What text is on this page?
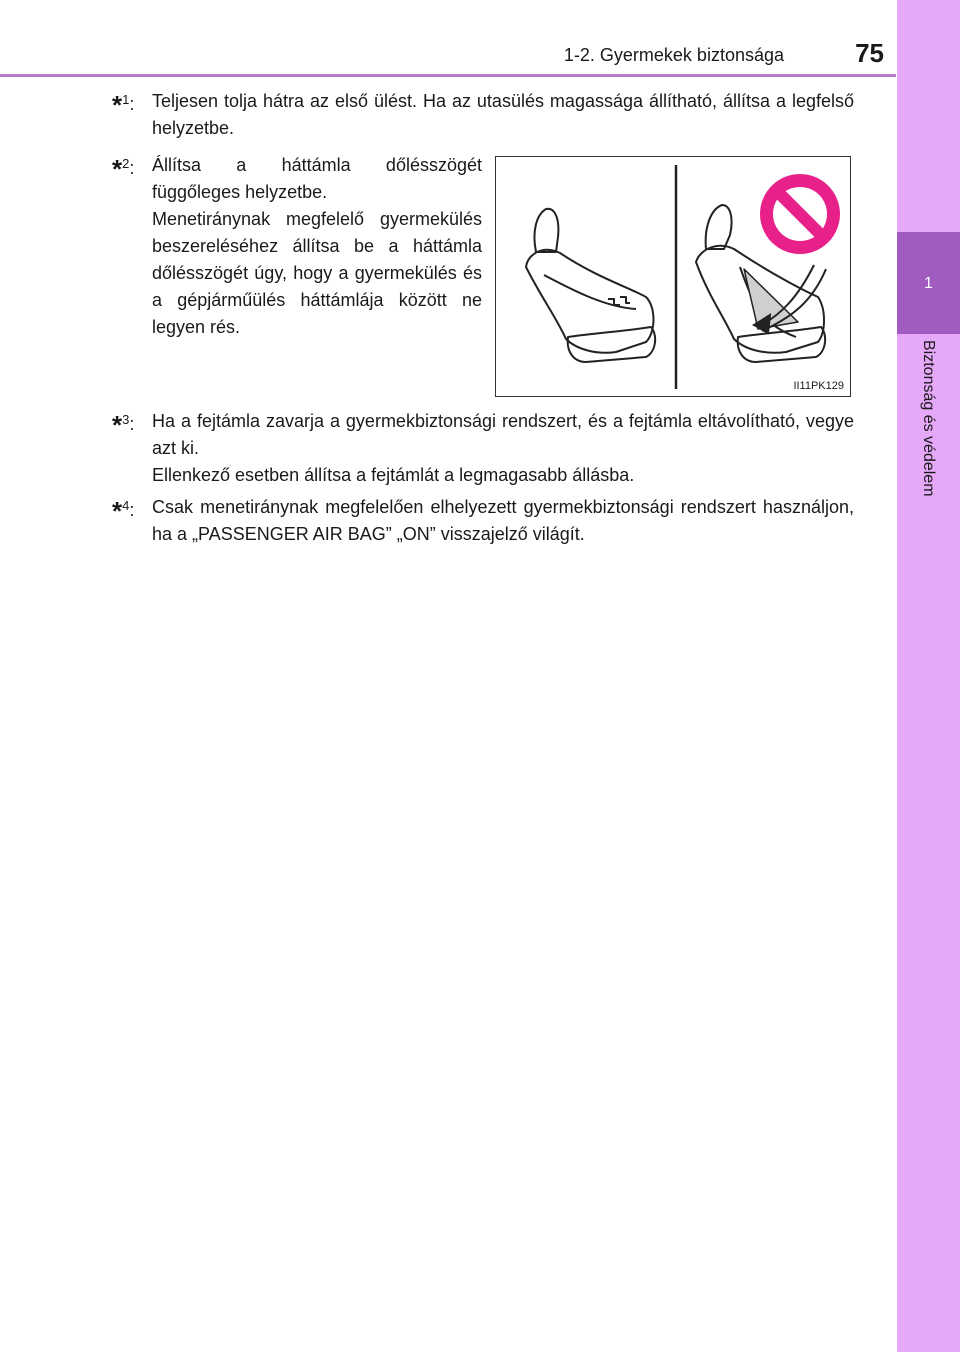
1-2. Gyermekek biztonsága	75
1
Biztonság és védelem
*$^1$: Teljesen tolja hátra az első ülést. Ha az utasülés magassága állítható, állítsa a legfelső helyzetbe.

*$^2$: Állítsa a háttámla dőlésszögét függőleges helyzetbe.

Menetiránynak megfelelő gyermekülés beszereléséhez állítsa be a háttámla dőlésszögét úgy, hogy a gyermekülés és a gépjárműülés háttámlája között ne legyen rés.

II11PK129
*$^3$: Ha a fejtámla zavarja a gyermekbiztonsági rendszert, és a fejtámla eltávolítható, vegye azt ki.

Ellenkező esetben állítsa a fejtámlát a legmagasabb állásba.

*$^4$: Csak menetiránynak megfelelően elhelyezett gyermekbiztonsági rendszert használjon, ha a „PASSENGER AIR BAG” „ON” visszajelző világít.
